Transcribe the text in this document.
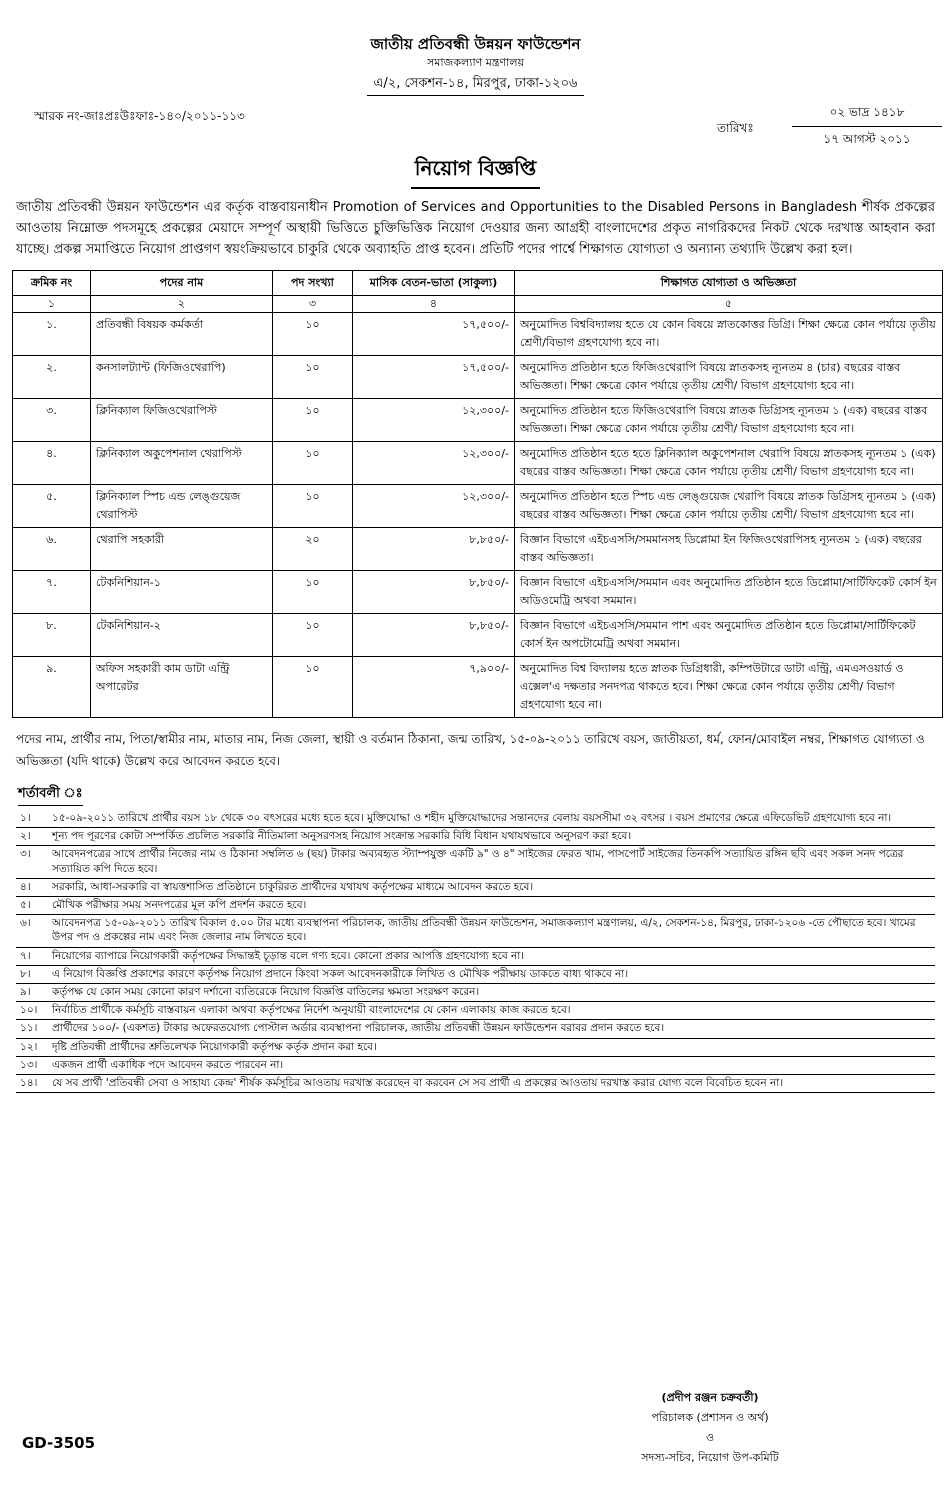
জাতীয় প্রতিবন্ধী উন্নয়ন ফাউন্ডেশন
সমাজকল্যাণ মন্ত্রণালয়
এ/২, সেকশন-১৪, মিরপুর, ঢাকা-১২০৬
স্মারক নং-জাঃপ্রঃউঃফাঃ-১৪০/২০১১-১১৩
তারিখঃ
০২ ভাদ্র ১৪১৮
১৭ আগস্ট ২০১১
নিয়োগ বিজ্ঞপ্তি
জাতীয় প্রতিবন্ধী উন্নয়ন ফাউন্ডেশন এর কর্তৃক বাস্তবায়নাধীন Promotion of Services and Opportunities to the Disabled Persons in Bangladesh শীর্ষক প্রকল্পের আওতায় নিম্নোক্ত পদসমূহে প্রকল্পের মেয়াদে সম্পূর্ণ অস্থায়ী ভিত্তিতে চুক্তিভিত্তিক নিয়োগ দেওয়ার জন্য আগ্রহী বাংলাদেশের প্রকৃত নাগরিকদের নিকট থেকে দরখাস্ত আহবান করা যাচ্ছে। প্রকল্প সমাপ্তিতে নিয়োগ প্রাপ্তগণ স্বয়ংক্রিয়ভাবে চাকুরি থেকে অব্যাহতি প্রাপ্ত হবেন। প্রতিটি পদের পার্শ্বে শিক্ষাগত যোগ্যতা ও অন্যান্য তথ্যাদি উল্লেখ করা হল।
ক্রমিক নং	পদের নাম	পদ সংখ্যা	মাসিক বেতন-ভাতা (সাকুল্য)	শিক্ষাগত যোগ্যতা ও অভিজ্ঞতা
১	২	৩	৪	৫
১.	প্রতিবন্ধী বিষয়ক কর্মকর্তা	১০	১৭,৫০০/-	অনুমোদিত বিশ্ববিদ্যালয় হতে যে কোন বিষয়ে স্নাতকোত্তর ডিগ্রি। শিক্ষা ক্ষেত্রে কোন পর্যায়ে তৃতীয় শ্রেণী/বিভাগ গ্রহণযোগ্য হবে না।
২.	কনসালট্যান্ট (ফিজিওথেরাপি)	১০	১৭,৫০০/-	অনুমোদিত প্রতিষ্ঠান হতে ফিজিওথেরাপি বিষয়ে স্নাতকসহ ন্যূনতম ৪ (চার) বছরের বাস্তব অভিজ্ঞতা। শিক্ষা ক্ষেত্রে কোন পর্যায়ে তৃতীয় শ্রেণী/ বিভাগ গ্রহণযোগ্য হবে না।
৩.	ক্লিনিক্যাল ফিজিওথেরাপিস্ট	১০	১২,৩০০/-	অনুমোদিত প্রতিষ্ঠান হতে ফিজিওথেরাপি বিষয়ে স্নাতক ডিগ্রিসহ ন্যূনতম ১ (এক) বছরের বাস্তব অভিজ্ঞতা। শিক্ষা ক্ষেত্রে কোন পর্যায়ে তৃতীয় শ্রেণী/ বিভাগ গ্রহণযোগ্য হবে না।
৪.	ক্লিনিক্যাল অকুপেশনাল থেরাপিস্ট	১০	১২,৩০০/-	অনুমোদিত প্রতিষ্ঠান হতে হতে ক্লিনিক্যাল অকুপেশনাল থেরাপি বিষয়ে স্নাতকসহ ন্যূনতম ১ (এক) বছরের বাস্তব অভিজ্ঞতা। শিক্ষা ক্ষেত্রে কোন পর্যায়ে তৃতীয় শ্রেণী/ বিভাগ গ্রহণযোগ্য হবে না।
৫.	ক্লিনিক্যাল স্পিচ এন্ড লেঙ্গুয়েজ থেরাপিস্ট	১০	১২,৩০০/-	অনুমোদিত প্রতিষ্ঠান হতে স্পিচ এন্ড লেঙ্গুয়েজ থেরাপি বিষয়ে স্নাতক ডিগ্রিসহ ন্যূনতম ১ (এক) বছরের বাস্তব অভিজ্ঞতা। শিক্ষা ক্ষেত্রে কোন পর্যায়ে তৃতীয় শ্রেণী/ বিভাগ গ্রহণযোগ্য হবে না।
৬.	থেরাপি সহকারী	২০	৮,৮৫০/-	বিজ্ঞান বিভাগে এইচএসসি/সমমানসহ ডিপ্লোমা ইন ফিজিওথেরাপিসহ ন্যূনতম ১ (এক) বছরের বাস্তব অভিজ্ঞতা।
৭.	টেকনিশিয়ান-১	১০	৮,৮৫০/-	বিজ্ঞান বিভাগে এইচএসসি/সমমান এবং অনুমোদিত প্রতিষ্ঠান হতে ডিপ্লোমা/সার্টিফিকেট কোর্স ইন অডিওমেট্রি অথবা সমমান।
৮.	টেকনিশিয়ান-২	১০	৮,৮৫০/-	বিজ্ঞান বিভাগে এইচএসসি/সমমান পাশ এবং অনুমোদিত প্রতিষ্ঠান হতে ডিপ্লোমা/সার্টিফিকেট কোর্স ইন অপটোমেট্রি অথবা সমমান।
৯.	অফিস সহকারী কাম ডাটা এন্ট্রি অপারেটর	১০	৭,৯০০/-	অনুমোদিত বিশ্ব বিদ্যালয় হতে স্নাতক ডিগ্রিধারী, কম্পিউটারে ডাটা এন্ট্রি, এমএসওয়ার্ড ও এক্সেল'এ দক্ষতার সনদপত্র থাকতে হবে। শিক্ষা ক্ষেত্রে কোন পর্যায়ে তৃতীয় শ্রেণী/ বিভাগ গ্রহণযোগ্য হবে না।
পদের নাম, প্রার্থীর নাম, পিতা/স্বামীর নাম, মাতার নাম, নিজ জেলা, স্থায়ী ও বর্তমান ঠিকানা, জন্ম তারিখ, ১৫-০৯-২০১১ তারিখে বয়স, জাতীয়তা, ধর্ম, ফোন/মোবাইল নম্বর, শিক্ষাগত যোগ্যতা ও অভিজ্ঞতা (যদি থাকে) উল্লেখ করে আবেদন করতে হবে।
শর্তাবলী ঃ
১।	১৫-০৯-২০১১ তারিখে প্রার্থীর বয়স ১৮ থেকে ৩০ বৎসরের মধ্যে হতে হবে। মুক্তিযোদ্ধা ও শহীদ মুক্তিযোদ্ধাদের সন্তানদের বেলায় বয়সসীমা ৩২ বৎসর । বয়স প্রমাণের ক্ষেত্রে এফিডেভিট গ্রহণযোগ্য হবে না।
২।	শূন্য পদ পূরণের কোটা সম্পর্কিত প্রচলিত সরকারি নীতিমালা অনুসরণসহ নিয়োগ সংক্রান্ত সরকারি বিধি বিধান যথাযথভাবে অনুসরণ করা হবে।
৩।	আবেদনপত্রের সাথে প্রার্থীর নিজের নাম ও ঠিকানা সম্বলিত ৬ (ছয়) টাকার অব্যবহৃত স্ট্যাম্পযুক্ত একটি ৯" ও ৪" সাইজের ফেরত খাম, পাসপোর্ট সাইজের তিনকপি সত্যায়িত রঙ্গিন ছবি এবং সকল সনদ পত্রের সত্যায়িত কপি দিতে হবে।
৪।	সরকারি, আধা-সরকারি বা স্বায়ত্তশাসিত প্রতিষ্ঠানে চাকুরিরত প্রার্থীদের যথাযথ কর্তৃপক্ষের মাধ্যমে আবেদন করতে হবে।
৫।	মৌখিক পরীক্ষার সময় সনদপত্রের মূল কপি প্রদর্শন করতে হবে।
৬।	আবেদনপত্র ১৫-০৯-২০১১ তারিখ বিকাল ৫.০০ টার মধ্যে ব্যবস্থাপনা পরিচালক, জাতীয় প্রতিবন্ধী উন্নয়ন ফাউন্ডেশন, সমাজকল্যাণ মন্ত্রণালয়, এ/২, সেকশন-১৪, মিরপুর, ঢাকা-১২০৬ -তে পৌছাতে হবে। খামের উপর পদ ও প্রকল্পের নাম এবং নিজ জেলার নাম লিখতে হবে।
৭।	নিয়োগের ব্যাপারে নিয়োগকারী কর্তৃপক্ষের সিদ্ধান্তই চূড়ান্ত বলে গণ্য হবে। কোনো প্রকার আপত্তি গ্রহণযোগ্য হবে না।
৮।	এ নিয়োগ বিজ্ঞপ্তি প্রকাশের কারণে কর্তৃপক্ষ নিয়োগ প্রদানে কিংবা সকল আবেদনকারীকে লিখিত ও মৌখিক পরীক্ষায় ডাকতে বাধ্য থাকবে না।
৯।	কর্তৃপক্ষ যে কোন সময় কোনো কারণ দর্শানো ব্যতিরেকে নিয়োগ বিজ্ঞপ্তি বাতিলের ক্ষমতা সংরক্ষণ করেন।
১০।	নির্বাচিত প্রার্থীকে কর্মসূচি বাস্তবায়ন এলাকা অথবা কর্তৃপক্ষের নির্দেশ অনুযায়ী বাংলাদেশের যে কোন এলাকায় কাজ করতে হবে।
১১।	প্রার্থীদের ১০০/- (একশত) টাকার অফেরতযোগ্য পোস্টাল অর্ডার ব্যবস্থাপনা পরিচালক, জাতীয় প্রতিবন্ধী উন্নয়ন ফাউন্ডেশন বরাবর প্রদান করতে হবে।
১২।	দৃষ্টি প্রতিবন্ধী প্রার্থীদের শ্রুতিলেখক নিয়োগকারী কর্তৃপক্ষ কর্তৃক প্রদান করা হবে।
১৩।	একজন প্রার্থী একাধিক পদে আবেদন করতে পারবেন না।
১৪।	যে সব প্রার্থী 'প্রতিবন্ধী সেবা ও সাহায্য কেন্দ্র' শীর্ষক কর্মসূচির আওতায় দরখাস্ত করেছেন বা করবেন সে সব প্রার্থী এ প্রকল্পের আওতায় দরখাস্ত করার যোগ্য বলে বিবেচিত হবেন না।
(প্রদীপ রঞ্জন চক্রবর্তী)
পরিচালক (প্রশাসন ও অর্থ)
ও
সদস্য-সচিব, নিয়োগ উপ-কমিটি
GD-3505
